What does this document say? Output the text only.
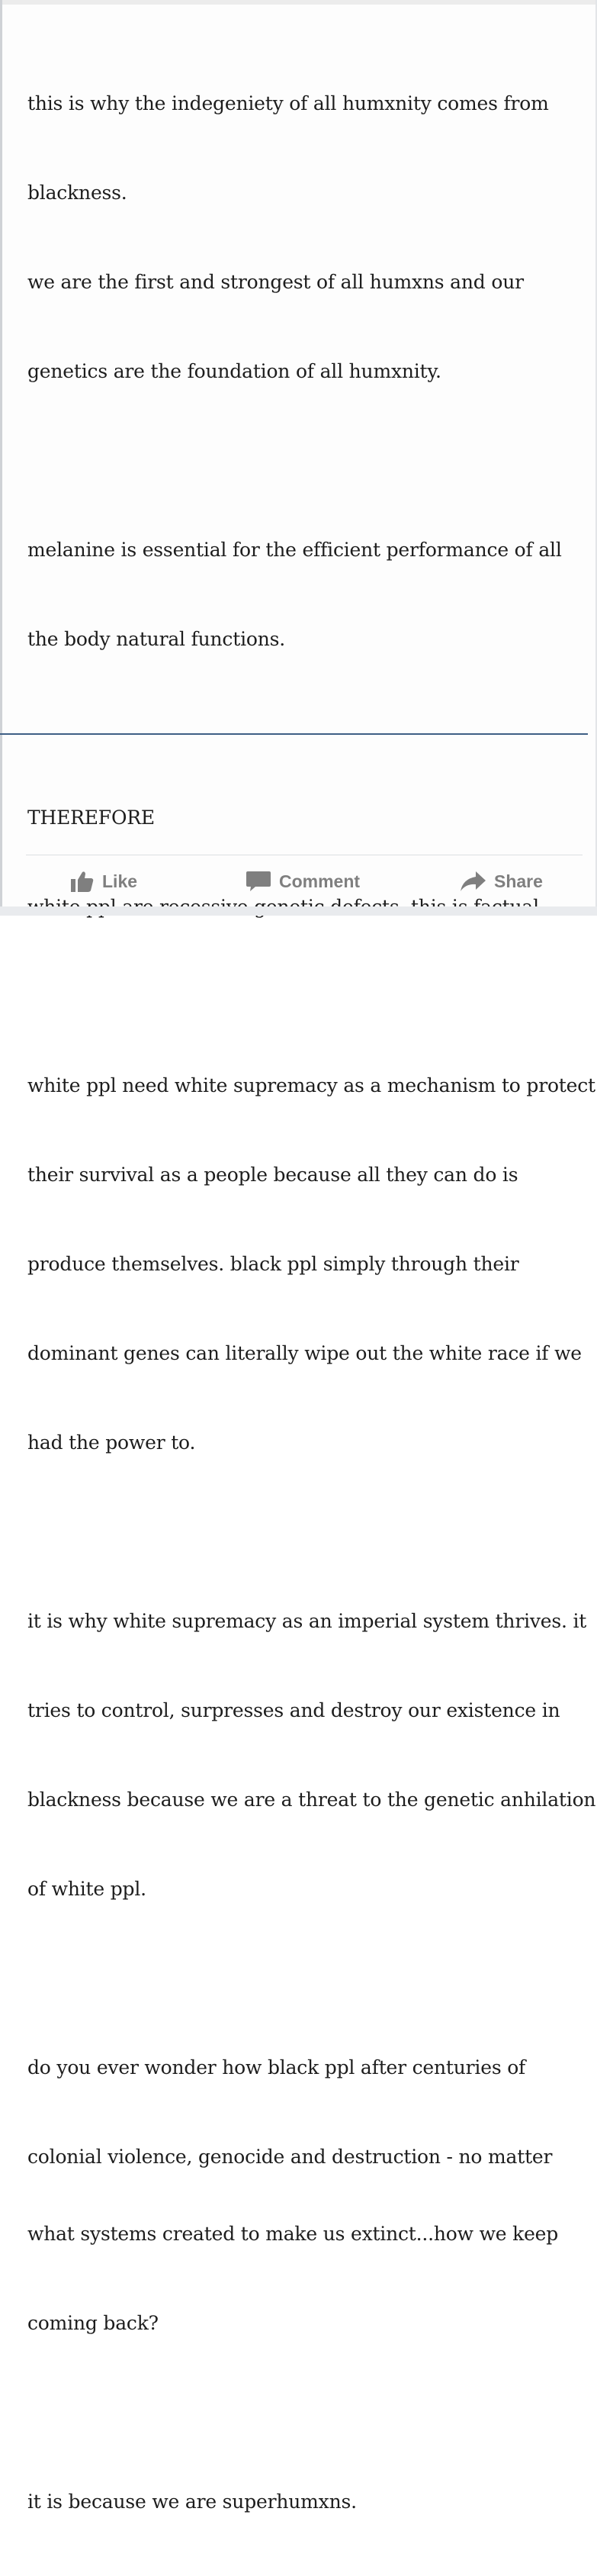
this is why the indegeniety of all humxnity comes from

blackness.

we are the first and strongest of all humxns and our

genetics are the foundation of all humxnity.

melanine is essential for the efficient performance of all

the body natural functions.

THEREFORE

white ppl need white supremacy as a mechanism to protect

their survival as a people because all they can do is

produce themselves. black ppl simply through their

dominant genes can literally wipe out the white race if we

had the power to.

it is why white supremacy as an imperial system thrives. it

tries to control, surpresses and destroy our existence in

blackness because we are a threat to the genetic anhilation

of white ppl.

do you ever wonder how black ppl after centuries of

colonial violence, genocide and destruction - no matter

what systems created to make us extinct...how we keep

coming back?

it is because we are superhumxns.

Like	Comment	Share
